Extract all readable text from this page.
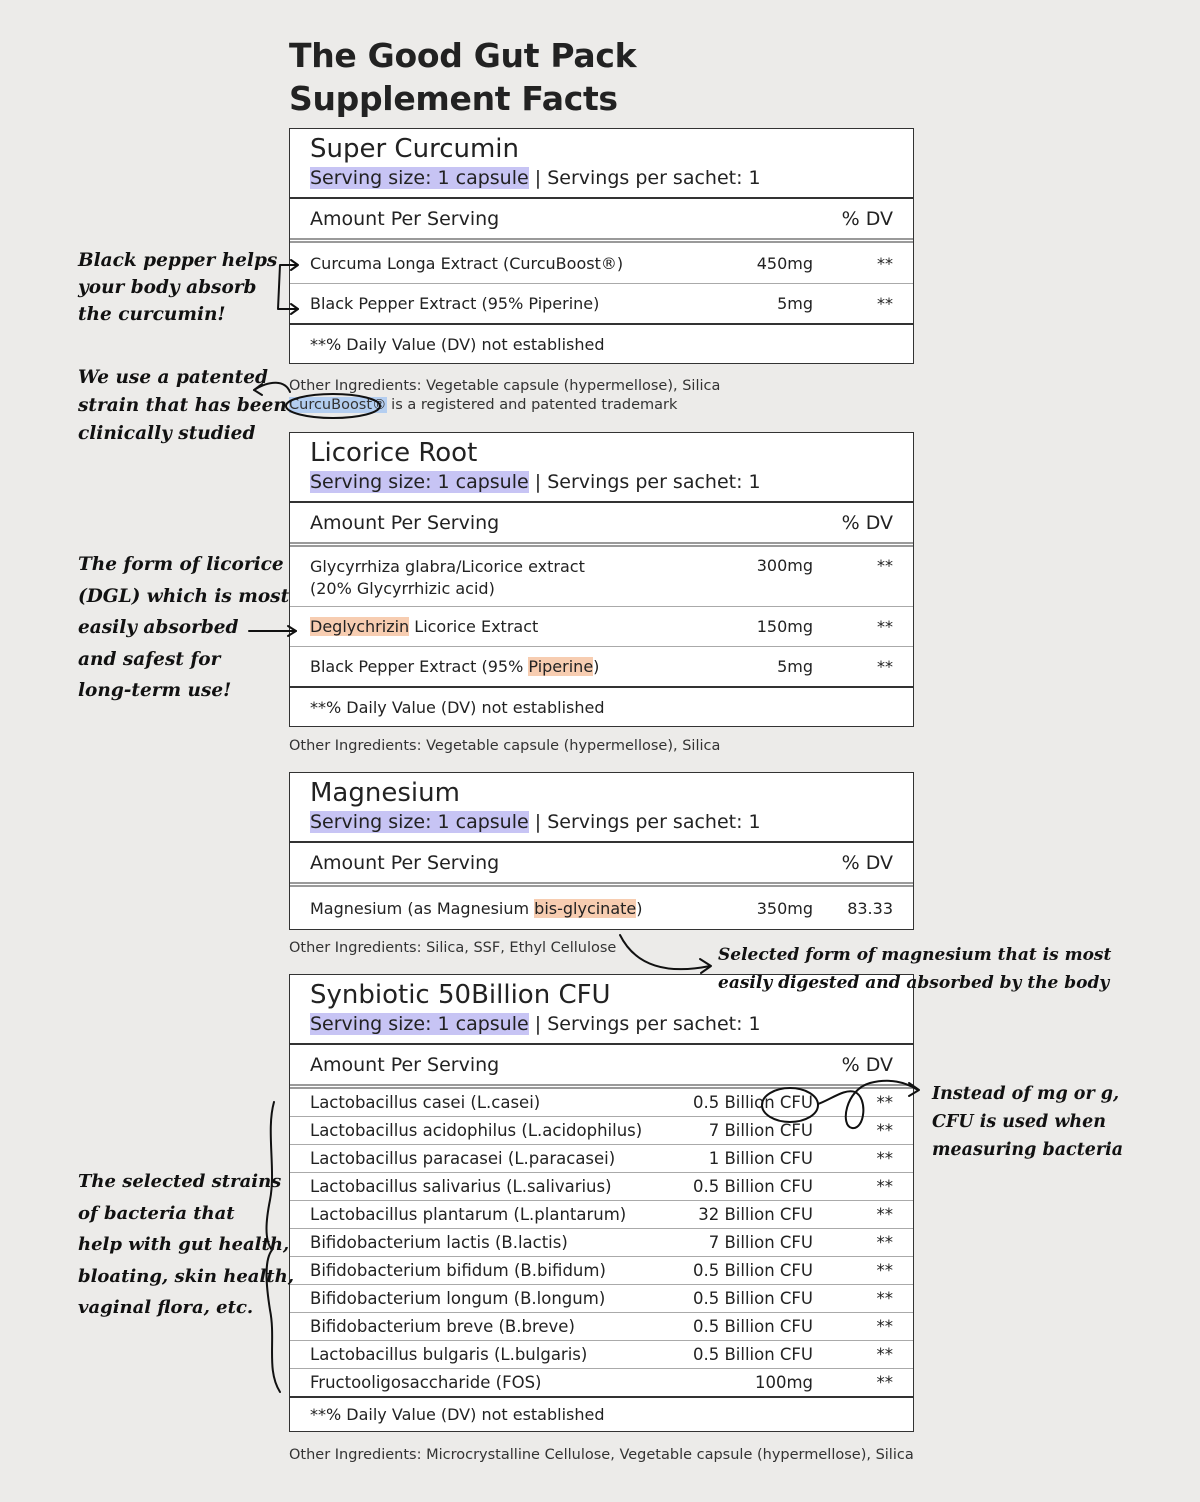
The Good Gut Pack
Supplement Facts
Super Curcumin
Serving size: 1 capsule | Servings per sachet: 1
Amount Per Serving	% DV
Curcuma Longa Extract (CurcuBoost®)	450mg	**
Black Pepper Extract (95% Piperine)	5mg	**
**% Daily Value (DV) not established
Other Ingredients: Vegetable capsule (hypermellose), Silica
CurcuBoost® is a registered and patented trademark
Licorice Root
Serving size: 1 capsule | Servings per sachet: 1
Amount Per Serving	% DV
Glycyrrhiza glabra/Licorice extract
(20% Glycyrrhizic acid)
300mg	**
Deglychrizin Licorice Extract	150mg	**
Black Pepper Extract (95% Piperine)	5mg	**
**% Daily Value (DV) not established
Other Ingredients: Vegetable capsule (hypermellose), Silica
Magnesium
Serving size: 1 capsule | Servings per sachet: 1
Amount Per Serving	% DV
Magnesium (as Magnesium bis-glycinate)	350mg	83.33
Other Ingredients: Silica, SSF, Ethyl Cellulose
Synbiotic 50Billion CFU
Serving size: 1 capsule | Servings per sachet: 1
Amount Per Serving	% DV
Lactobacillus casei (L.casei)	0.5 Billion CFU	**
Lactobacillus acidophilus (L.acidophilus)	7 Billion CFU	**
Lactobacillus paracasei (L.paracasei)	1 Billion CFU	**
Lactobacillus salivarius (L.salivarius)	0.5 Billion CFU	**
Lactobacillus plantarum (L.plantarum)	32 Billion CFU	**
Bifidobacterium lactis (B.lactis)	7 Billion CFU	**
Bifidobacterium bifidum (B.bifidum)	0.5 Billion CFU	**
Bifidobacterium longum (B.longum)	0.5 Billion CFU	**
Bifidobacterium breve (B.breve)	0.5 Billion CFU	**
Lactobacillus bulgaris (L.bulgaris)	0.5 Billion CFU	**
Fructooligosaccharide (FOS)	100mg	**
**% Daily Value (DV) not established
Other Ingredients: Microcrystalline Cellulose, Vegetable capsule (hypermellose), Silica
Black pepper helps
your body absorb
the curcumin!
We use a patented
strain that has been
clinically studied
The form of licorice
(DGL) which is most
easily absorbed
and safest for
long-term use!
Selected form of magnesium that is most
easily digested and absorbed by the body
Instead of mg or g,
CFU is used when
measuring bacteria
The selected strains
of bacteria that
help with gut health,
bloating, skin health,
vaginal flora, etc.
